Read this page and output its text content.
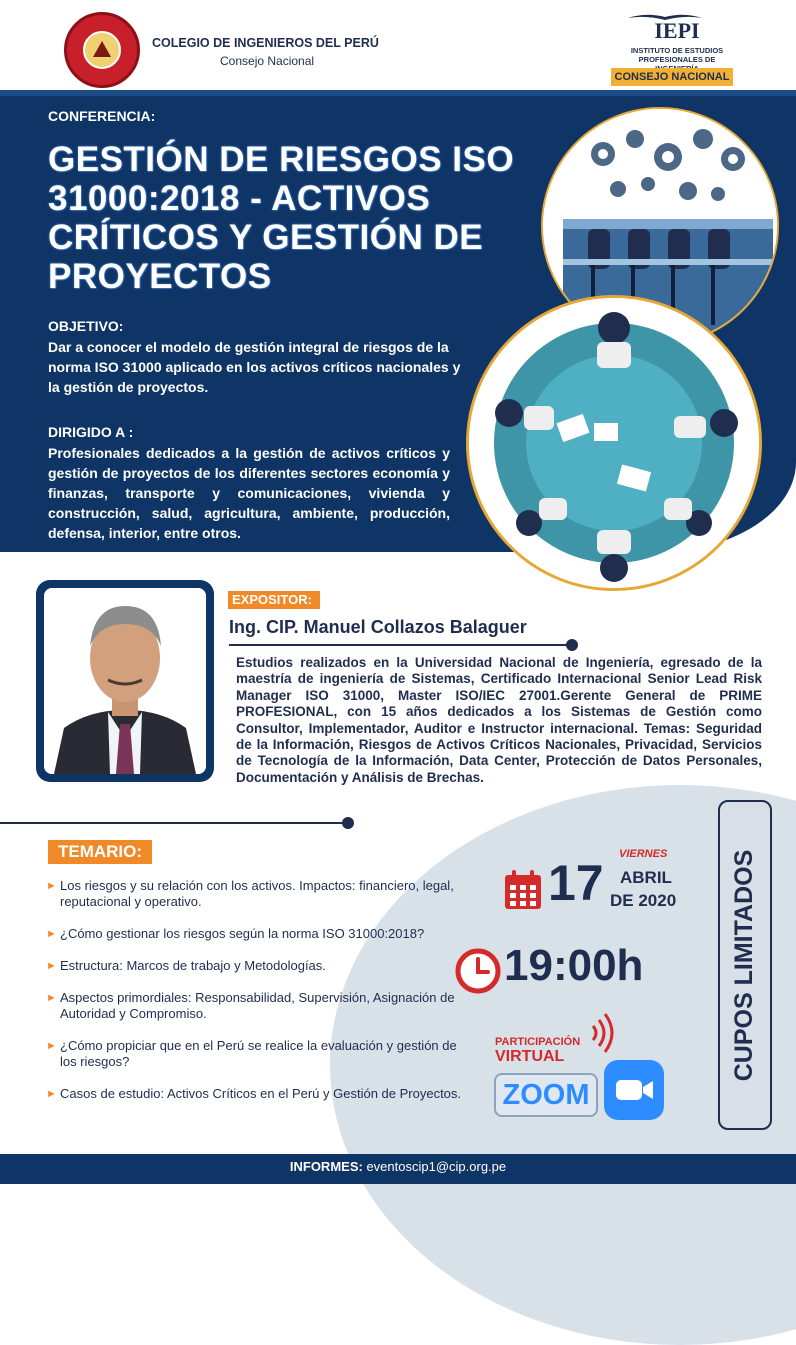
COLEGIO DE INGENIEROS DEL PERÚ
Consejo Nacional
IEPI
INSTITUTO DE ESTUDIOS
PROFESIONALES DE
CONSEJO NACIONAL
CONFERENCIA:
GESTIÓN DE RIESGOS ISO 31000:2018 - ACTIVOS CRÍTICOS Y GESTIÓN DE PROYECTOS
OBJETIVO:
Dar a conocer el modelo de gestión integral de riesgos de la norma ISO 31000 aplicado en los activos críticos nacionales y la gestión de proyectos.
DIRIGIDO A :
Profesionales dedicados a la gestión de activos críticos y gestión de proyectos de los diferentes sectores economía y finanzas, transporte y comunicaciones, vivienda y construcción, salud, agricultura, ambiente, producción, defensa, interior, entre otros.
EXPOSITOR:
Ing. CIP. Manuel Collazos Balaguer
Estudios realizados en la Universidad Nacional de Ingeniería, egresado de la maestría de ingeniería de Sistemas, Certificado Internacional Senior Lead Risk Manager ISO 31000, Master ISO/IEC 27001.Gerente General de PRIME PROFESIONAL, con 15 años dedicados a los Sistemas de Gestión como Consultor, Implementador, Auditor e Instructor internacional. Temas: Seguridad de la Información, Riesgos de Activos Críticos Nacionales, Privacidad, Servicios de Tecnología de la Información, Data Center, Protección de Datos Personales, Documentación y Análisis de Brechas.
TEMARIO:
► Los riesgos y su relación con los activos. Impactos: financiero, legal, reputacional y operativo.
► ¿Cómo gestionar los riesgos según la norma ISO 31000:2018?
► Estructura: Marcos de trabajo y Metodologías.
► Aspectos primordiales: Responsabilidad, Supervisión, Asignación de Autoridad y Compromiso.
► ¿Cómo propiciar que en el Perú se realice la evaluación y gestión de los riesgos?
► Casos de estudio: Activos Críticos en el Perú y Gestión de Proyectos.
17
VIERNES
ABRIL
DE 2020
19:00h
PARTICIPACIÓN
VIRTUAL
ZOOM
CUPOS LIMITADOS
INFORMES: eventoscip1@cip.org.pe
